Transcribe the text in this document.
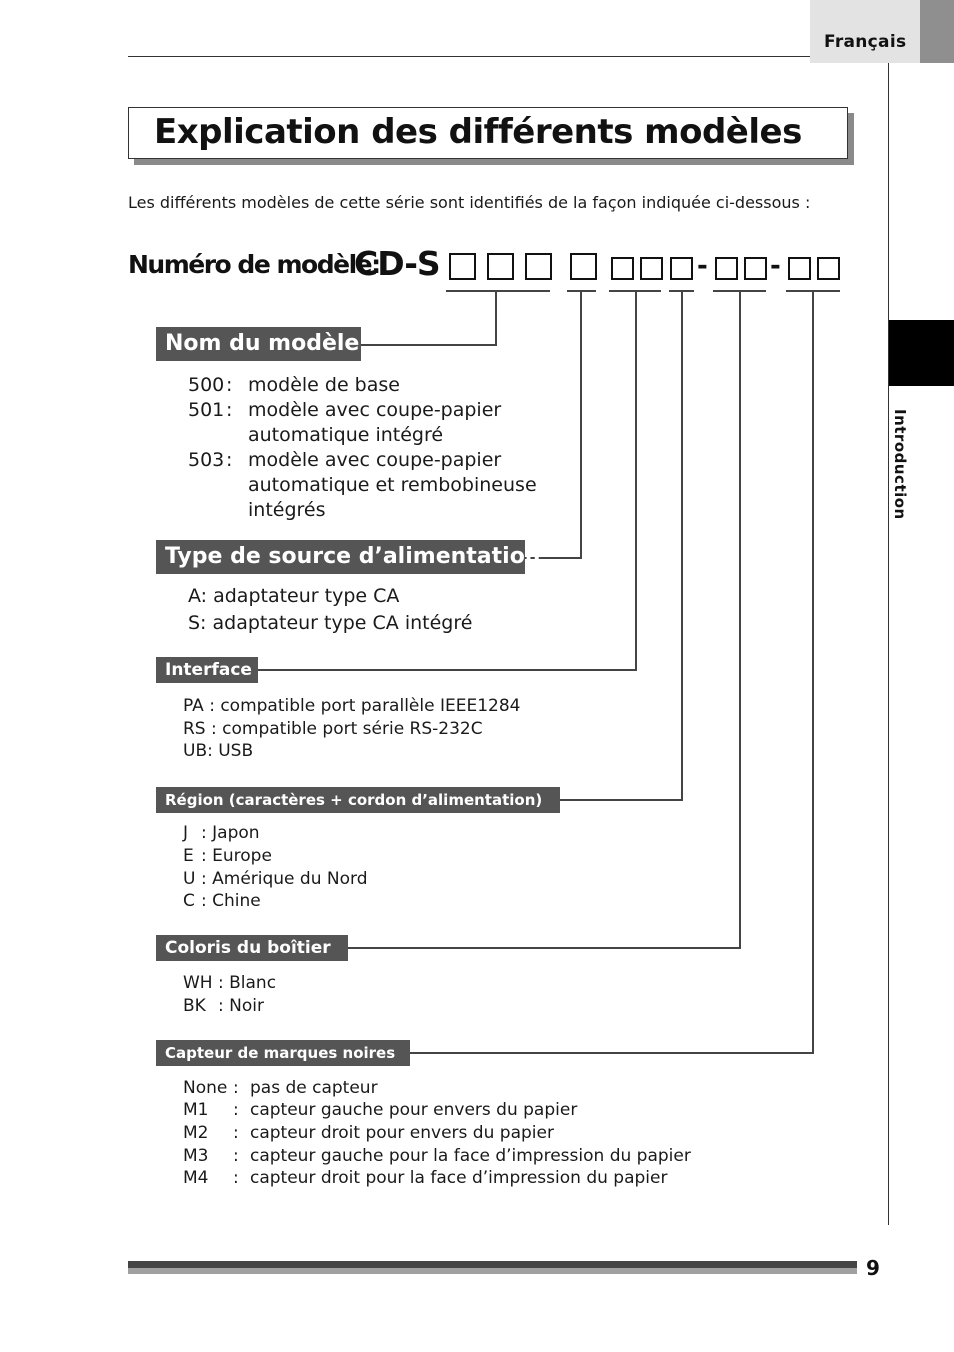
Français
Introduction
Explication des différents modèles
Les différents modèles de cette série sont identifiés de la façon indiquée ci-dessous :
Numéro de modèle:
CD-S	- -
Nom du modèle
500: modèle de base
501: modèle avec coupe-papier
automatique intégré
503: modèle avec coupe-papier
automatique et rembobineuse
intégrés
Type de source d’alimentation
A: adaptateur type CA
S: adaptateur type CA intégré
Interface
PA : compatible port parallèle IEEE1284
RS : compatible port série RS-232C
UB: USB
Région (caractères + cordon d’alimentation)
J : Japon
E : Europe
U : Amérique du Nord
C : Chine
Coloris du boîtier
WH : Blanc
BK : Noir
Capteur de marques noires
None : pas de capteur
M1 : capteur gauche pour envers du papier
M2 : capteur droit pour envers du papier
M3 : capteur gauche pour la face d’impression du papier
M4 : capteur droit pour la face d’impression du papier
9
